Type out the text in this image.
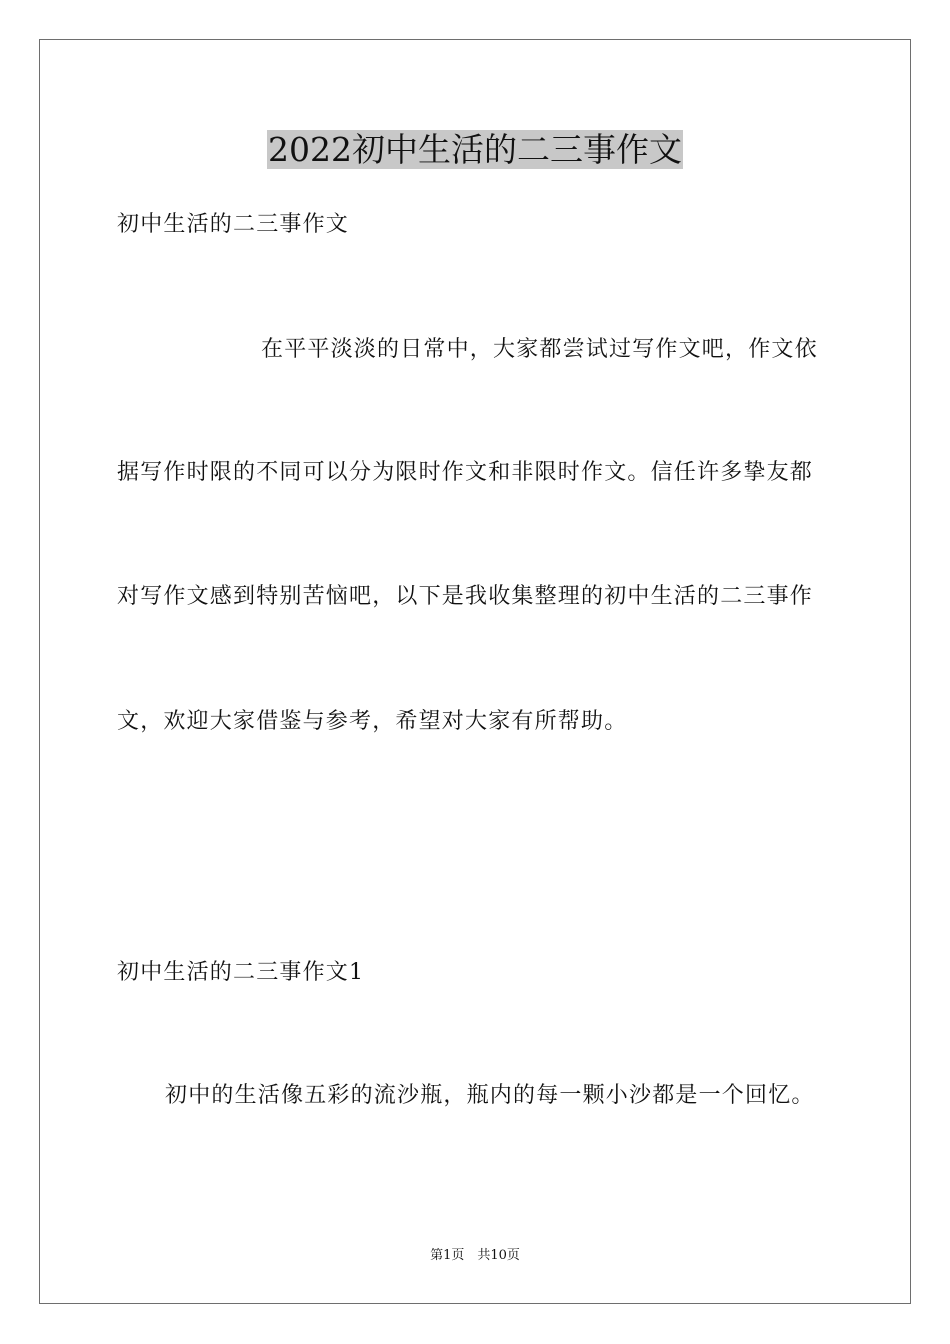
2022初中生活的二三事作文
初中生活的二三事作文
在平平淡淡的日常中，大家都尝试过写作文吧，作文依
据写作时限的不同可以分为限时作文和非限时作文。信任许多挚友都
对写作文感到特别苦恼吧，以下是我收集整理的初中生活的二三事作
文，欢迎大家借鉴与参考，希望对大家有所帮助。
初中生活的二三事作文1
初中的生活像五彩的流沙瓶，瓶内的每一颗小沙都是一个回忆。
第1页　共10页
